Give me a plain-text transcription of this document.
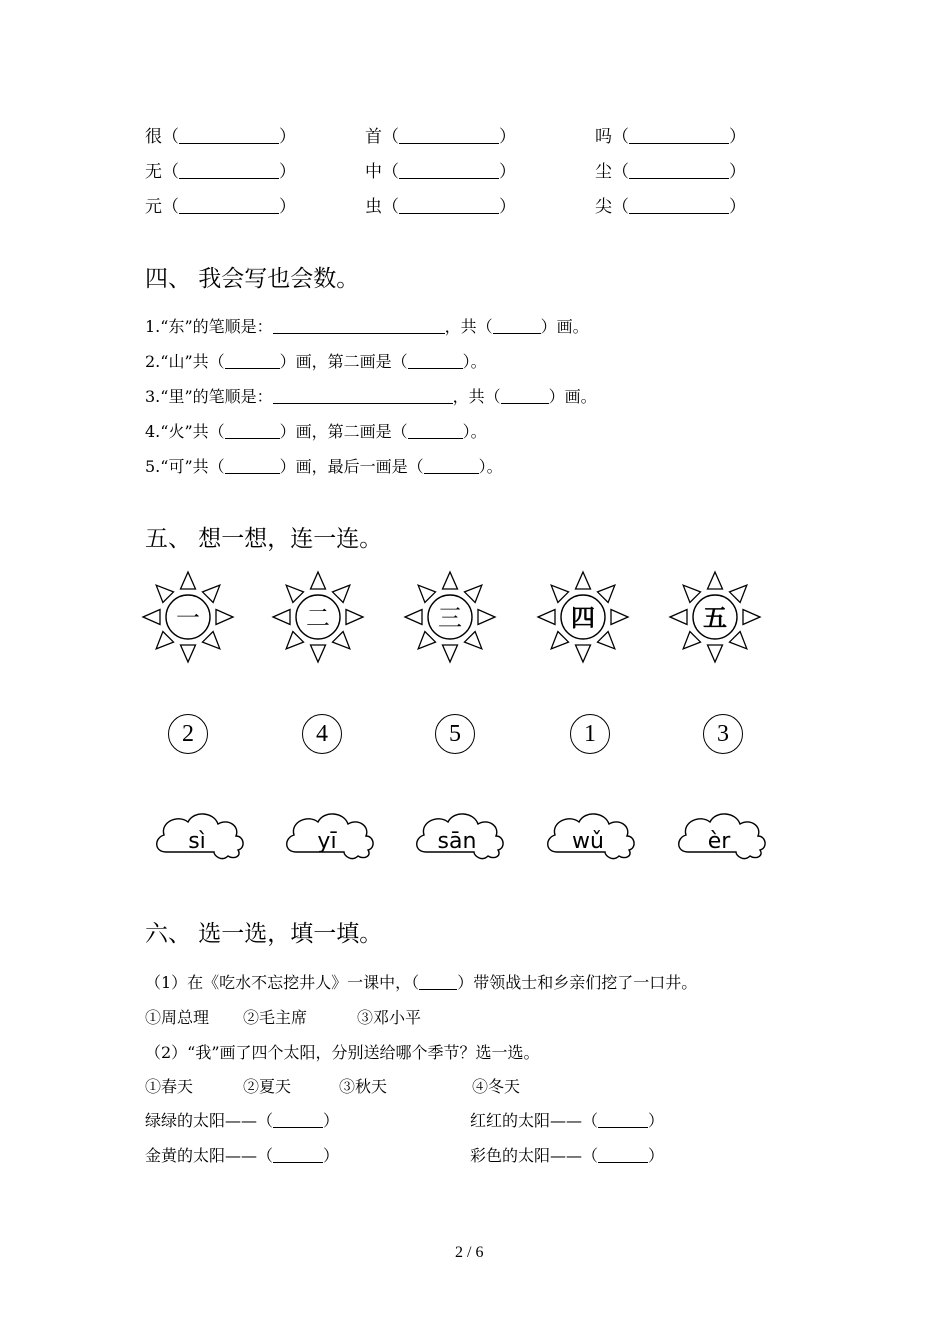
很（	）	首（	）	吗（	）
无（	）	中（	）	尘（	）
元（	）	虫（	）	尖（	）
四、 我会写也会数。
1.“东”的笔顺是：	，共（	）画。
2.“山”共（	）画，第二画是（	）。
3.“里”的笔顺是：	，共（	）画。
4.“火”共（	）画，第二画是（	）。
5.“可”共（	）画，最后一画是（	）。
五、 想一想，连一连。
一	二	三	四	五
2	4	5	1	3
sì	yī	sān	wǔ	èr
六、 选一选，填一填。
（1）在《吃水不忘挖井人》一课中，（ ）带领战士和乡亲们挖了一口井。
①周总理 ②毛主席	③邓小平
（2）“我”画了四个太阳，分别送给哪个季节？选一选。
①春天	②夏天	③秋天	④冬天
绿绿的太阳——（	）	红红的太阳——（	）
金黄的太阳——（	）	彩色的太阳——（	）
2 / 6
